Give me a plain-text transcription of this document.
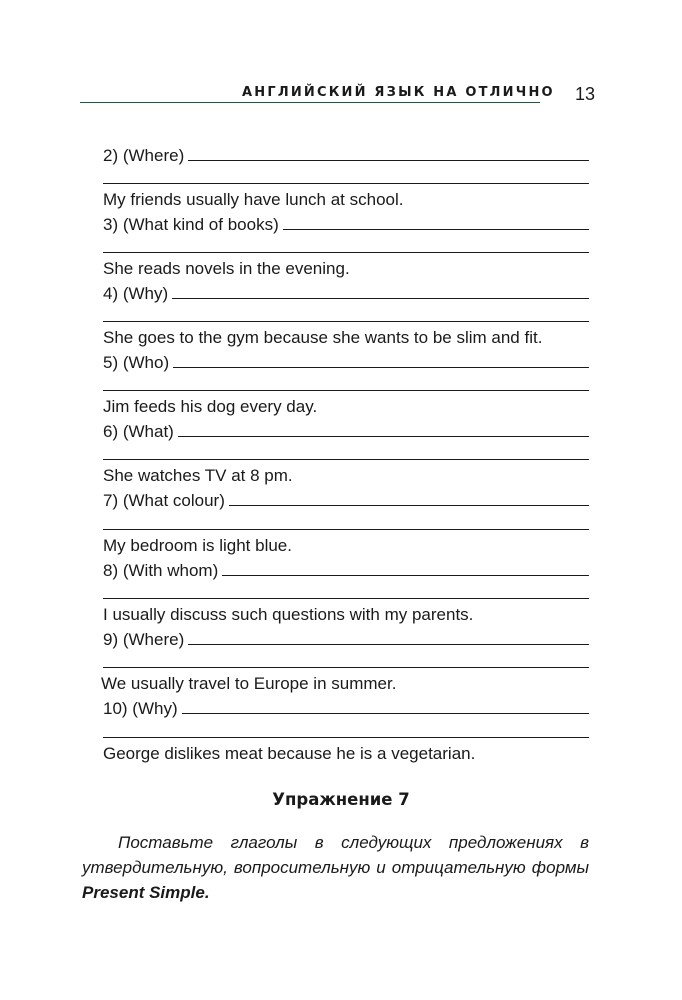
АНГЛИЙСКИЙ ЯЗЫК НА ОТЛИЧНО 13
2) (Where)
My friends usually have lunch at school.
3) (What kind of books)
She reads novels in the evening.
4) (Why)
She goes to the gym because she wants to be slim and fit.
5) (Who)
Jim feeds his dog every day.
6) (What)
She watches TV at 8 pm.
7) (What colour)
My bedroom is light blue.
8) (With whom)
I usually discuss such questions with my parents.
9) (Where)
We usually travel to Europe in summer.
10) (Why)
George dislikes meat because he is a vegetarian.
Упражнение 7
Поставьте глаголы в следующих предложениях в утвердительную, вопросительную и отрицательную формы Present Simple.
